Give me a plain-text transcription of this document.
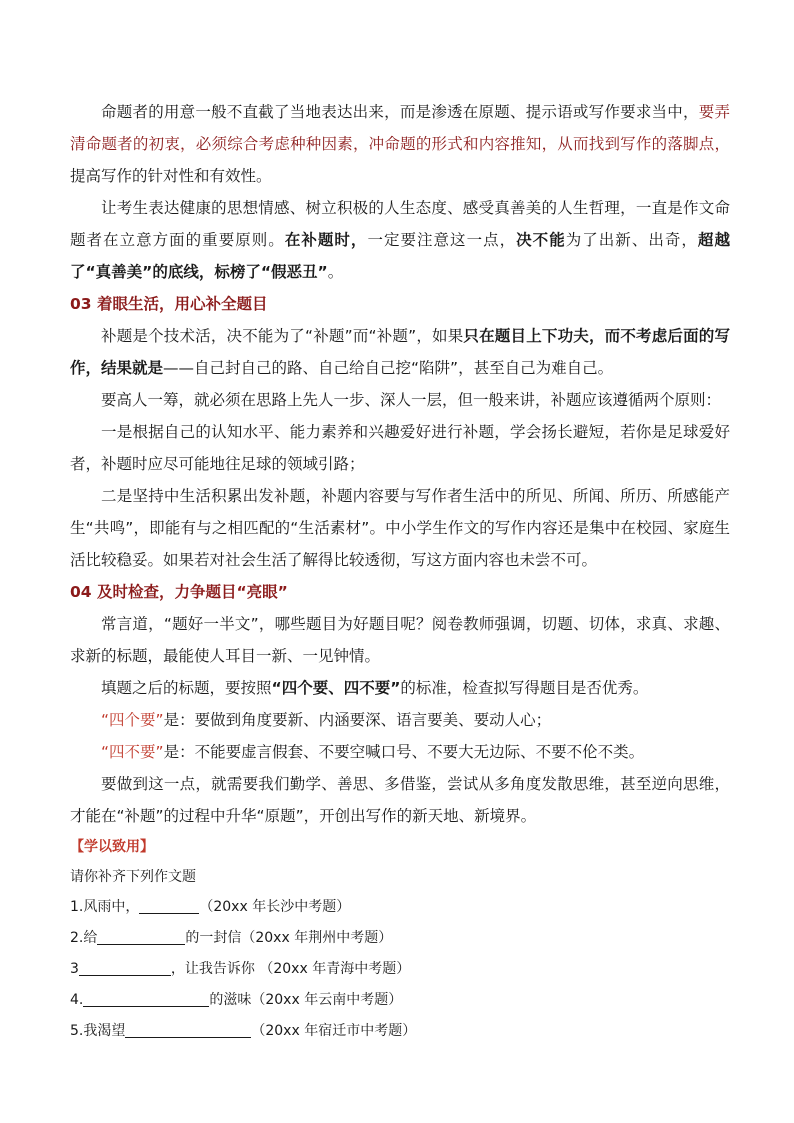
命题者的用意一般不直截了当地表达出来，而是渗透在原题、提示语或写作要求当中，要弄清命题者的初衷，必须综合考虑种种因素，冲命题的形式和内容推知，从而找到写作的落脚点，提高写作的针对性和有效性。

让考生表达健康的思想情感、树立积极的人生态度、感受真善美的人生哲理，一直是作文命题者在立意方面的重要原则。在补题时，一定要注意这一点，决不能为了出新、出奇，超越了“真善美”的底线，标榜了“假恶丑”。

03 着眼生活，用心补全题目

补题是个技术活，决不能为了“补题”而“补题”，如果只在题目上下功夫，而不考虑后面的写作，结果就是——自己封自己的路、自己给自己挖“陷阱”，甚至自己为难自己。

要高人一筹，就必须在思路上先人一步、深人一层，但一般来讲，补题应该遵循两个原则：

一是根据自己的认知水平、能力素养和兴趣爱好进行补题，学会扬长避短，若你是足球爱好者，补题时应尽可能地往足球的领域引路；

二是坚持中生活积累出发补题，补题内容要与写作者生活中的所见、所闻、所历、所感能产生“共鸣”，即能有与之相匹配的“生活素材”。中小学生作文的写作内容还是集中在校园、家庭生活比较稳妥。如果若对社会生活了解得比较透彻，写这方面内容也未尝不可。

04 及时检查，力争题目“亮眼”

常言道，“题好一半文”，哪些题目为好题目呢？阅卷教师强调，切题、切体，求真、求趣、求新的标题，最能使人耳目一新、一见钟情。

填题之后的标题，要按照“四个要、四不要”的标准，检查拟写得题目是否优秀。

“四个要”是：要做到角度要新、内涵要深、语言要美、要动人心；

“四不要”是：不能要虚言假套、不要空喊口号、不要大无边际、不要不伦不类。

要做到这一点，就需要我们勤学、善思、多借鉴，尝试从多角度发散思维，甚至逆向思维，才能在“补题”的过程中升华“原题”，开创出写作的新天地、新境界。

【学以致用】

请你补齐下列作文题

1.风雨中，	（20xx 年长沙中考题）

2.给	的一封信（20xx 年荆州中考题）

3	，让我告诉你 （20xx 年青海中考题）

4.	的滋味（20xx 年云南中考题）

5.我渴望	（20xx 年宿迁市中考题）
